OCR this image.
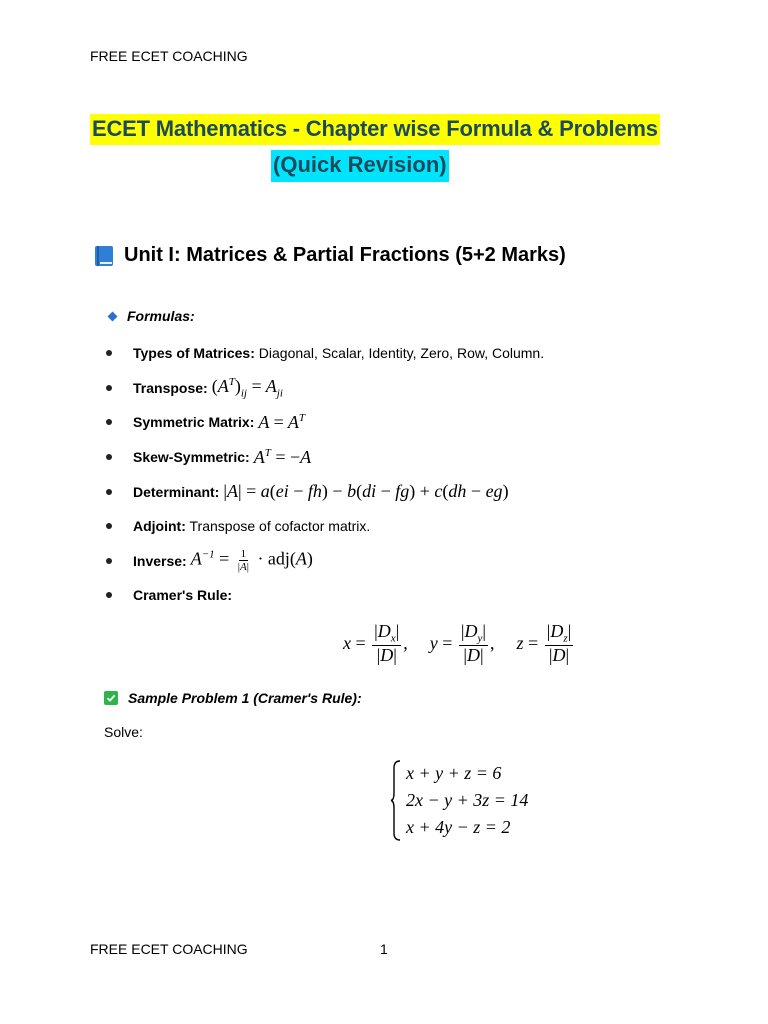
FREE ECET COACHING
ECET Mathematics - Chapter wise Formula & Problems
(Quick Revision)
Unit I: Matrices & Partial Fractions (5+2 Marks)
Formulas:
Types of Matrices: Diagonal, Scalar, Identity, Zero, Row, Column.
Transpose: $(A^T)_{ij} = A_{ji}$
Symmetric Matrix: $A = A^T$
Skew-Symmetric: $A^T = -A$
Determinant: |A| = a(ei − fh) − b(di − fg) + c(dh − eg)
Adjoint: Transpose of cofactor matrix.
Inverse: $A^{-1} = \frac{1}{|A|} \cdot adj(A)$
Cramer's Rule:
$x = \frac{|D_x|}{|D|}$ , $y = \frac{|D_y|}{|D|}$ , $z = \frac{|D_z|}{|D|}$
Sample Problem 1 (Cramer's Rule):
Solve:
x + y + z = 6
2x − y + 3z = 14
x + 4y − z = 2
FREE ECET COACHING	1
